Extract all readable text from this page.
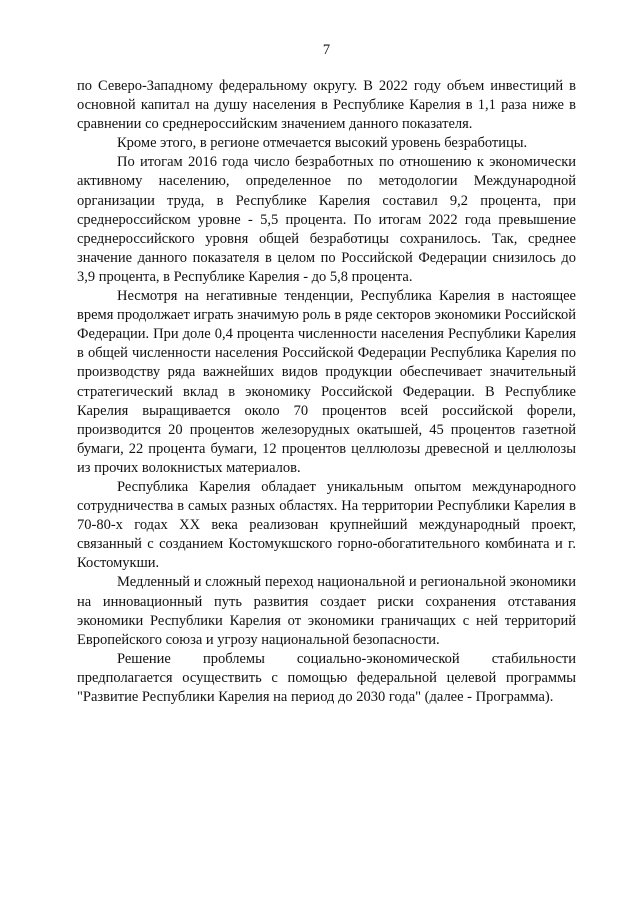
7

по Северо-Западному федеральному округу. В 2022 году объем инвестиций в основной капитал на душу населения в Республике Карелия в 1,1 раза ниже в сравнении со среднероссийским значением данного показателя.

Кроме этого, в регионе отмечается высокий уровень безработицы.

По итогам 2016 года число безработных по отношению к экономически активному населению, определенное по методологии Международной организации труда, в Республике Карелия составил 9,2 процента, при среднероссийском уровне - 5,5 процента. По итогам 2022 года превышение среднероссийского уровня общей безработицы сохранилось. Так, среднее значение данного показателя в целом по Российской Федерации снизилось до 3,9 процента, в Республике Карелия - до 5,8 процента.

Несмотря на негативные тенденции, Республика Карелия в настоящее время продолжает играть значимую роль в ряде секторов экономики Российской Федерации. При доле 0,4 процента численности населения Республики Карелия в общей численности населения Российской Федерации Республика Карелия по производству ряда важнейших видов продукции обеспечивает значительный стратегический вклад в экономику Российской Федерации. В Республике Карелия выращивается около 70 процентов всей российской форели, производится 20 процентов железорудных окатышей, 45 процентов газетной бумаги, 22 процента бумаги, 12 процентов целлюлозы древесной и целлюлозы из прочих волокнистых материалов.

Республика Карелия обладает уникальным опытом международного сотрудничества в самых разных областях. На территории Республики Карелия в 70-80-х годах XX века реализован крупнейший международный проект, связанный с созданием Костомукшского горно-обогатительного комбината и г. Костомукши.

Медленный и сложный переход национальной и региональной экономики на инновационный путь развития создает риски сохранения отставания экономики Республики Карелия от экономики граничащих с ней территорий Европейского союза и угрозу национальной безопасности.

Решение проблемы социально-экономической стабильности предполагается осуществить с помощью федеральной целевой программы "Развитие Республики Карелия на период до 2030 года" (далее - Программа).
